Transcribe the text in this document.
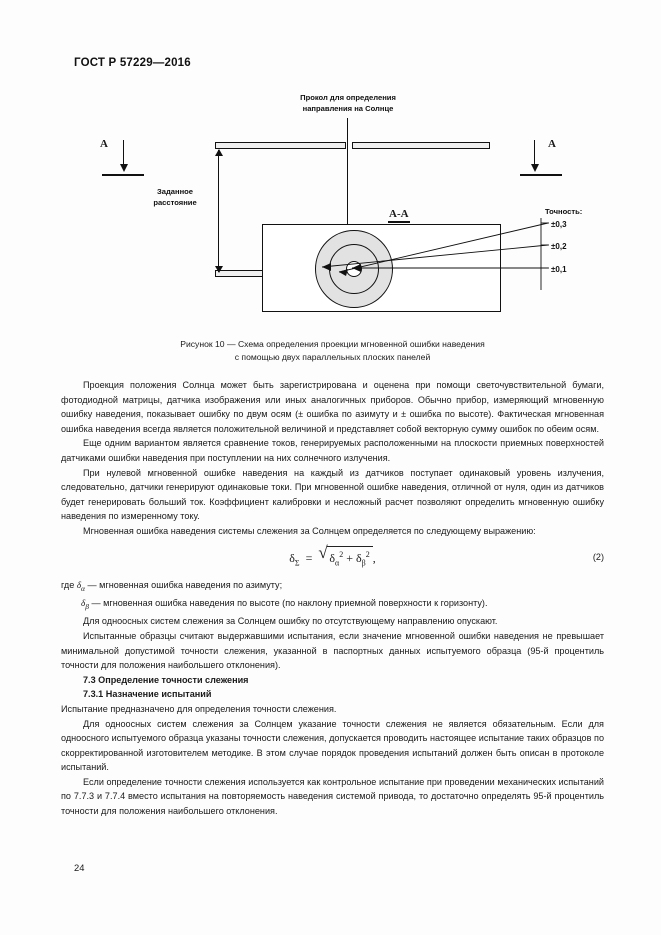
ГОСТ Р 57229—2016
Прокол для определения
направления на Солнце
A	A
Заданное
расстояние
A-A	Точность:
±0,3
±0,2
±0,1
Рисунок 10 — Схема определения проекции мгновенной ошибки наведения
с помощью двух параллельных плоских панелей

Проекция положения Солнца может быть зарегистрирована и оценена при помощи светочувствительной бумаги, фотодиодной матрицы, датчика изображения или иных аналогичных приборов. Обычно прибор, измеряющий мгновенную ошибку наведения, показывает ошибку по двум осям (± ошибка по азимуту и ± ошибка по высоте). Фактическая мгновенная ошибка наведения всегда является положительной величиной и представляет собой векторную сумму ошибок по обеим осям.

Еще одним вариантом является сравнение токов, генерируемых расположенными на плоскости приемных поверхностей датчиками ошибки наведения при поступлении на них солнечного излучения.

При нулевой мгновенной ошибке наведения на каждый из датчиков поступает одинаковый уровень излучения, следовательно, датчики генерируют одинаковые токи. При мгновенной ошибке наведения, отличной от нуля, один из датчиков будет генерировать больший ток. Коэффициент калибровки и несложный расчет позволяют определить мгновенную ошибку наведения по измеренному току.

Мгновенная ошибка наведения системы слежения за Солнцем определяется по следующему выражению:

$\delta_\Sigma$  = √ $\delta_\alpha^2 + \delta_\beta^2$ ,	(2)

где $\delta_\alpha$ — мгновенная ошибка наведения по азимуту;

$\delta_\beta$ — мгновенная ошибка наведения по высоте (по наклону приемной поверхности к горизонту).

Для одноосных систем слежения за Солнцем ошибку по отсутствующему направлению опускают.

Испытанные образцы считают выдержавшими испытания, если значение мгновенной ошибки наведения не превышает минимальной допустимой точности слежения, указанной в паспортных данных испытуемого образца (95-й процентиль точности для положения наибольшего отклонения).

7.3 Определение точности слежения

7.3.1 Назначение испытаний

Испытание предназначено для определения точности слежения.

Для одноосных систем слежения за Солнцем указание точности слежения не является обязательным. Если для одноосного испытуемого образца указаны точности слежения, допускается проводить настоящее испытание таких образцов по скорректированной изготовителем методике. В этом случае порядок проведения испытаний должен быть описан в протоколе испытаний.

Если определение точности слежения используется как контрольное испытание при проведении механических испытаний по 7.7.3 и 7.7.4 вместо испытания на повторяемость наведения системой привода, то достаточно определять 95-й процентиль точности для положения наибольшего отклонения.

24
